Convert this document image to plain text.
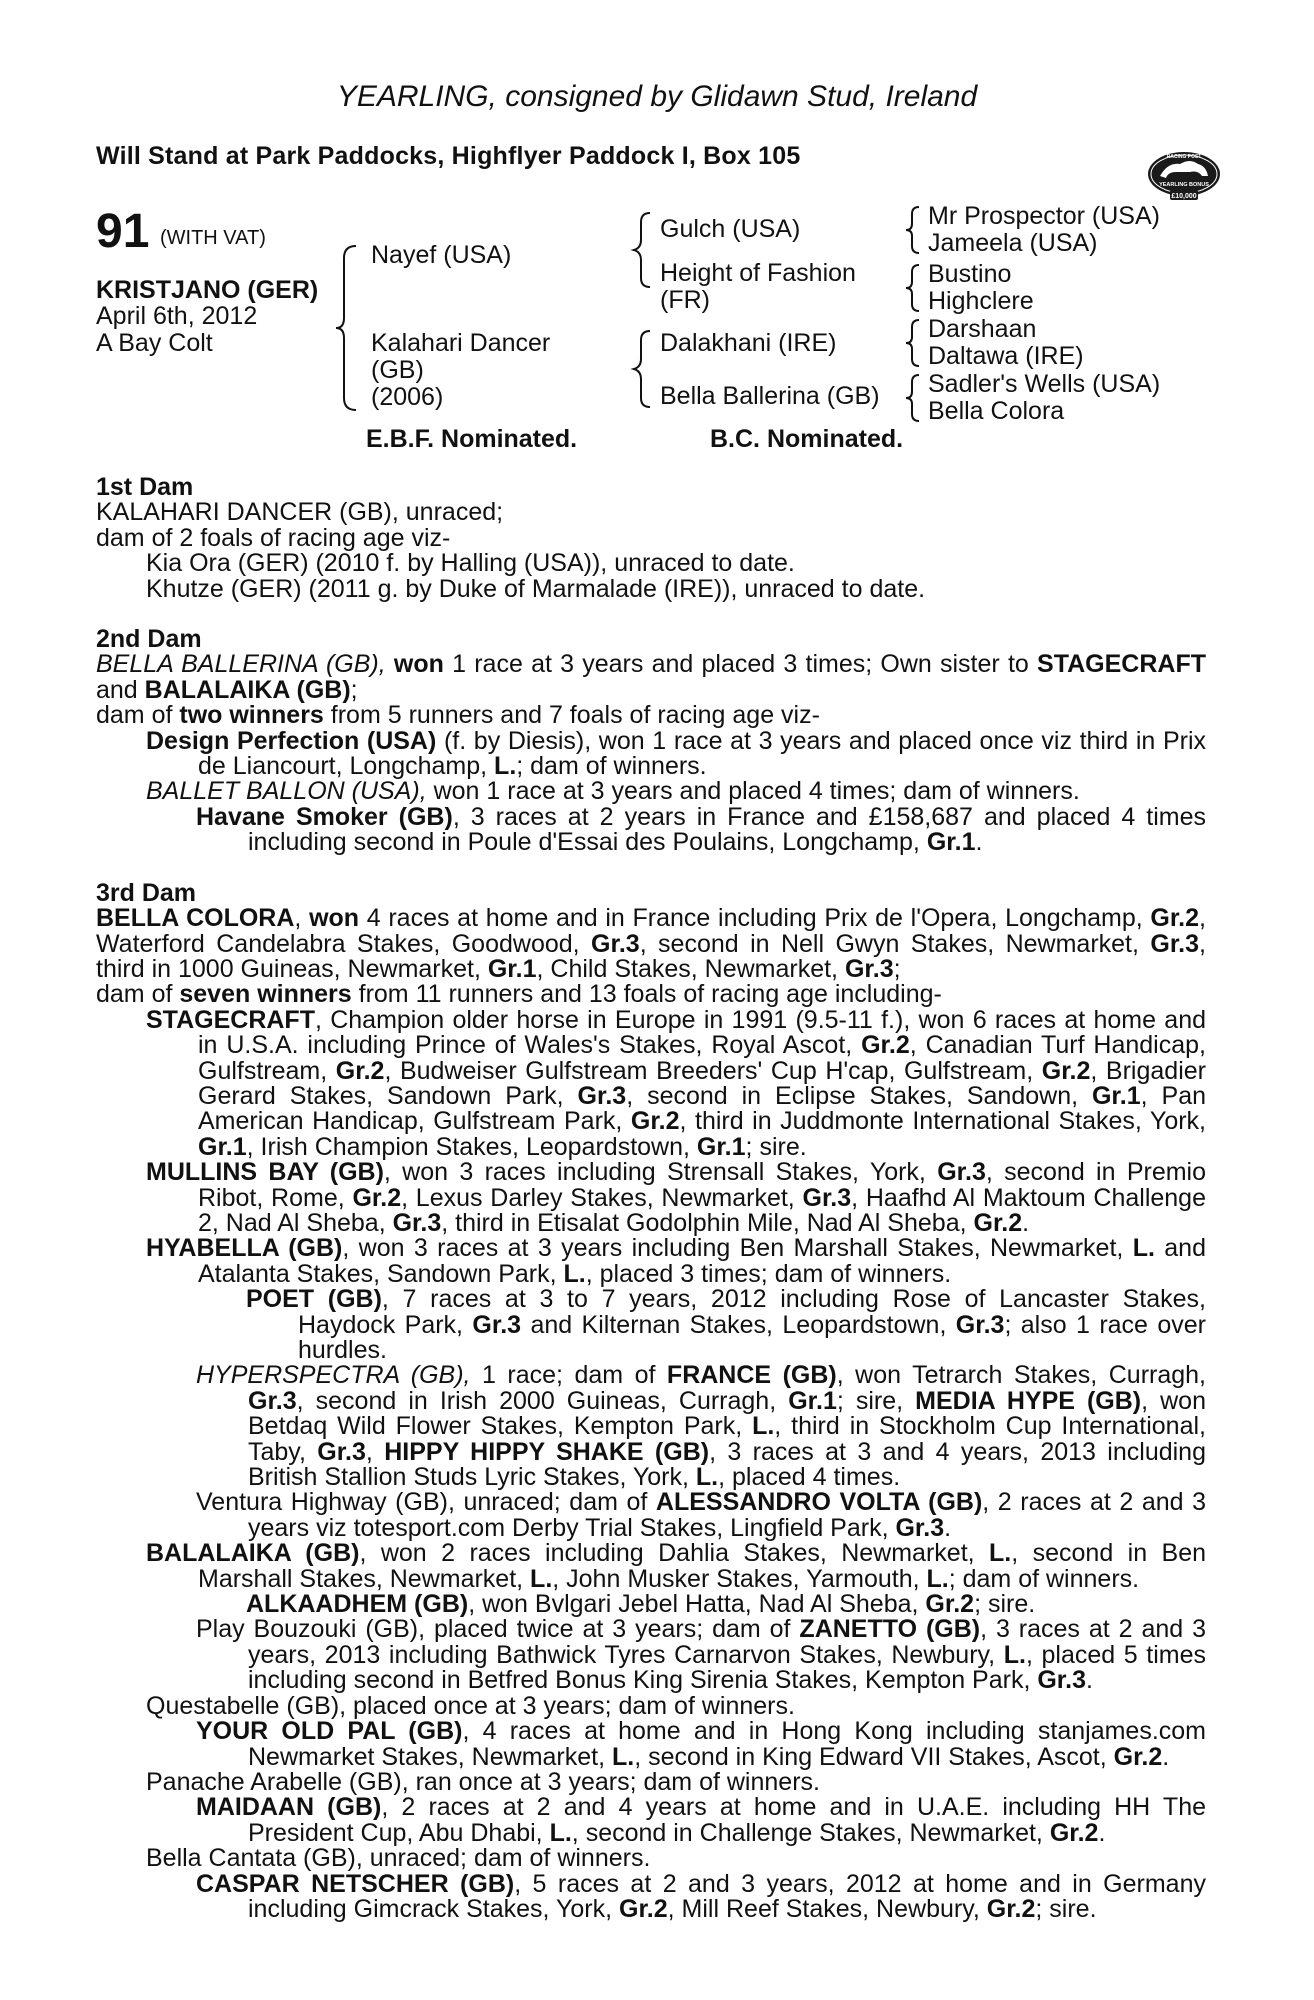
YEARLING, consigned by Glidawn Stud, Ireland
Will Stand at Park Paddocks, Highflyer Paddock I, Box 105	RACING POST
YEARLING BONUS
£10,000
91 (WITH VAT)
KRISTJANO (GER)
April 6th, 2012
A Bay Colt
Nayef (USA)
Kalahari Dancer
(GB)
(2006)
Gulch (USA)
Height of Fashion
(FR)
Dalakhani (IRE)
Bella Ballerina (GB)
Mr Prospector (USA)
Jameela (USA)
Bustino
Highclere
Darshaan
Daltawa (IRE)
Sadler's Wells (USA)
Bella Colora
E.B.F. Nominated.	B.C. Nominated.
1st Dam

KALAHARI DANCER (GB), unraced;

dam of 2 foals of racing age viz-

Kia Ora (GER) (2010 f. by Halling (USA)), unraced to date.

Khutze (GER) (2011 g. by Duke of Marmalade (IRE)), unraced to date.

2nd Dam

BELLA BALLERINA (GB), won 1 race at 3 years and placed 3 times; Own sister to STAGECRAFT and BALALAIKA (GB);

dam of two winners from 5 runners and 7 foals of racing age viz-

Design Perfection (USA) (f. by Diesis), won 1 race at 3 years and placed once viz third in Prix de Liancourt, Longchamp, L.; dam of winners.

BALLET BALLON (USA), won 1 race at 3 years and placed 4 times; dam of winners.

Havane Smoker (GB), 3 races at 2 years in France and £158,687 and placed 4 times including second in Poule d'Essai des Poulains, Longchamp, Gr.1.

3rd Dam

BELLA COLORA, won 4 races at home and in France including Prix de l'Opera, Longchamp, Gr.2, Waterford Candelabra Stakes, Goodwood, Gr.3, second in Nell Gwyn Stakes, Newmarket, Gr.3, third in 1000 Guineas, Newmarket, Gr.1, Child Stakes, Newmarket, Gr.3;

dam of seven winners from 11 runners and 13 foals of racing age including-

STAGECRAFT, Champion older horse in Europe in 1991 (9.5-11 f.), won 6 races at home and in U.S.A. including Prince of Wales's Stakes, Royal Ascot, Gr.2, Canadian Turf Handicap, Gulfstream, Gr.2, Budweiser Gulfstream Breeders' Cup H'cap, Gulfstream, Gr.2, Brigadier Gerard Stakes, Sandown Park, Gr.3, second in Eclipse Stakes, Sandown, Gr.1, Pan American Handicap, Gulfstream Park, Gr.2, third in Juddmonte International Stakes, York, Gr.1, Irish Champion Stakes, Leopardstown, Gr.1; sire.

MULLINS BAY (GB), won 3 races including Strensall Stakes, York, Gr.3, second in Premio Ribot, Rome, Gr.2, Lexus Darley Stakes, Newmarket, Gr.3, Haafhd Al Maktoum Challenge 2, Nad Al Sheba, Gr.3, third in Etisalat Godolphin Mile, Nad Al Sheba, Gr.2.

HYABELLA (GB), won 3 races at 3 years including Ben Marshall Stakes, Newmarket, L. and Atalanta Stakes, Sandown Park, L., placed 3 times; dam of winners.

POET (GB), 7 races at 3 to 7 years, 2012 including Rose of Lancaster Stakes, Haydock Park, Gr.3 and Kilternan Stakes, Leopardstown, Gr.3; also 1 race over hurdles.

HYPERSPECTRA (GB), 1 race; dam of FRANCE (GB), won Tetrarch Stakes, Curragh, Gr.3, second in Irish 2000 Guineas, Curragh, Gr.1; sire, MEDIA HYPE (GB), won Betdaq Wild Flower Stakes, Kempton Park, L., third in Stockholm Cup International, Taby, Gr.3, HIPPY HIPPY SHAKE (GB), 3 races at 3 and 4 years, 2013 including British Stallion Studs Lyric Stakes, York, L., placed 4 times.

Ventura Highway (GB), unraced; dam of ALESSANDRO VOLTA (GB), 2 races at 2 and 3 years viz totesport.com Derby Trial Stakes, Lingfield Park, Gr.3.

BALALAIKA (GB), won 2 races including Dahlia Stakes, Newmarket, L., second in Ben Marshall Stakes, Newmarket, L., John Musker Stakes, Yarmouth, L.; dam of winners.

ALKAADHEM (GB), won Bvlgari Jebel Hatta, Nad Al Sheba, Gr.2; sire.

Play Bouzouki (GB), placed twice at 3 years; dam of ZANETTO (GB), 3 races at 2 and 3 years, 2013 including Bathwick Tyres Carnarvon Stakes, Newbury, L., placed 5 times including second in Betfred Bonus King Sirenia Stakes, Kempton Park, Gr.3.

Questabelle (GB), placed once at 3 years; dam of winners.

YOUR OLD PAL (GB), 4 races at home and in Hong Kong including stanjames.com Newmarket Stakes, Newmarket, L., second in King Edward VII Stakes, Ascot, Gr.2.

Panache Arabelle (GB), ran once at 3 years; dam of winners.

MAIDAAN (GB), 2 races at 2 and 4 years at home and in U.A.E. including HH The President Cup, Abu Dhabi, L., second in Challenge Stakes, Newmarket, Gr.2.

Bella Cantata (GB), unraced; dam of winners.

CASPAR NETSCHER (GB), 5 races at 2 and 3 years, 2012 at home and in Germany including Gimcrack Stakes, York, Gr.2, Mill Reef Stakes, Newbury, Gr.2; sire.
